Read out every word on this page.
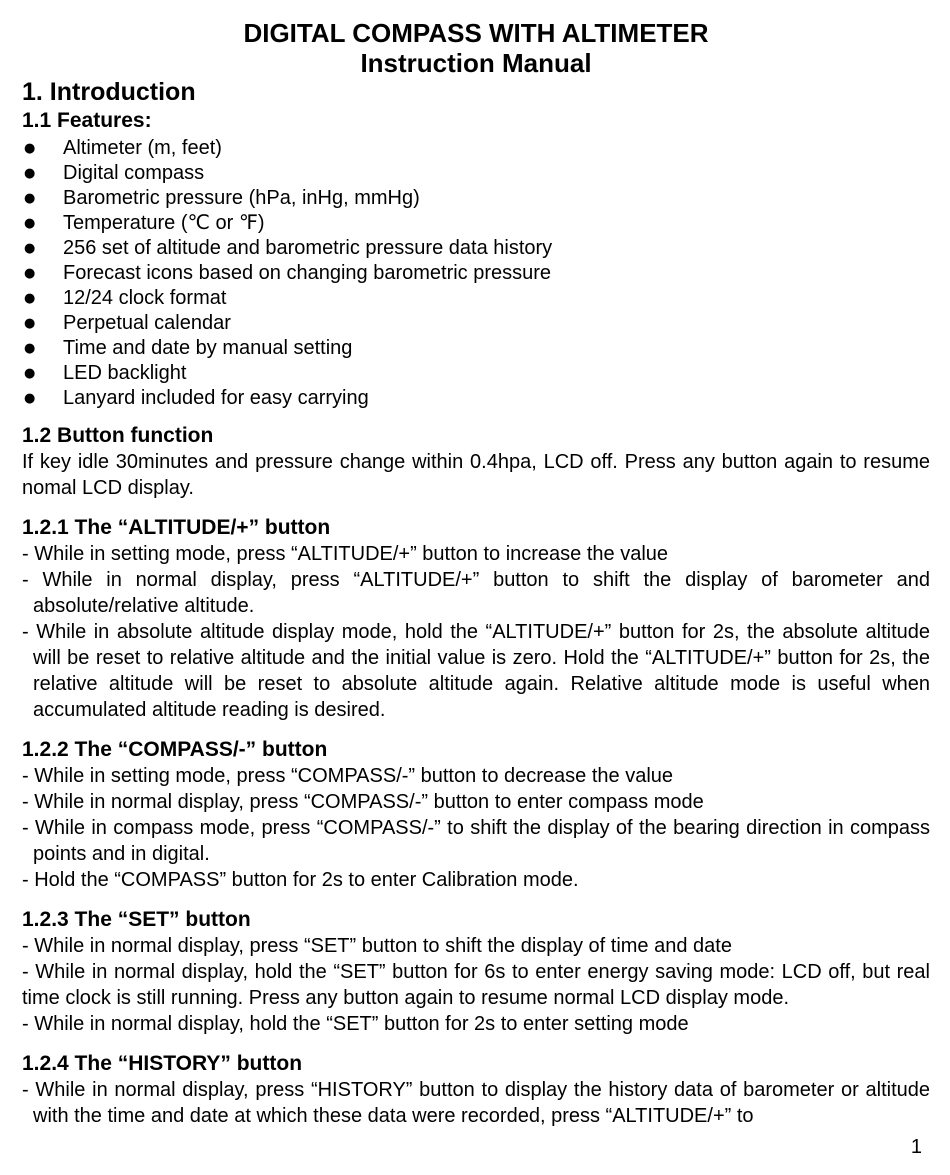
DIGITAL COMPASS WITH ALTIMETER
Instruction Manual
1. Introduction
1.1 Features:
●	Altimeter (m, feet)
●	Digital compass
●	Barometric pressure (hPa, inHg, mmHg)
●	Temperature (℃ or ℉)
●	256 set of altitude and barometric pressure data history
●	Forecast icons based on changing barometric pressure
●	12/24 clock format
●	Perpetual calendar
●	Time and date by manual setting
●	LED backlight
●	Lanyard included for easy carrying
1.2 Button function

If key idle 30minutes and pressure change within 0.4hpa, LCD off. Press any button again to resume nomal LCD display.

1.2.1 The “ALTITUDE/+” button

- While in setting mode, press “ALTITUDE/+” button to increase the value

- While in normal display, press “ALTITUDE/+” button to shift the display of barometer and absolute/relative altitude.

- While in absolute altitude display mode, hold the “ALTITUDE/+” button for 2s, the absolute altitude will be reset to relative altitude and the initial value is zero. Hold the “ALTITUDE/+” button for 2s, the relative altitude will be reset to absolute altitude again. Relative altitude mode is useful when accumulated altitude reading is desired.

1.2.2 The “COMPASS/-” button

- While in setting mode, press “COMPASS/-” button to decrease the value

- While in normal display, press “COMPASS/-” button to enter compass mode

- While in compass mode, press “COMPASS/-” to shift the display of the bearing direction in compass points and in digital.

- Hold the “COMPASS” button for 2s to enter Calibration mode.

1.2.3 The “SET” button

- While in normal display, press “SET” button to shift the display of time and date

- While in normal display, hold the “SET” button for 6s to enter energy saving mode: LCD off, but real time clock is still running. Press any button again to resume normal LCD display mode.

- While in normal display, hold the “SET” button for 2s to enter setting mode

1.2.4 The “HISTORY” button

- While in normal display, press “HISTORY” button to display the history data of barometer or altitude with the time and date at which these data were recorded, press “ALTITUDE/+” to

1
